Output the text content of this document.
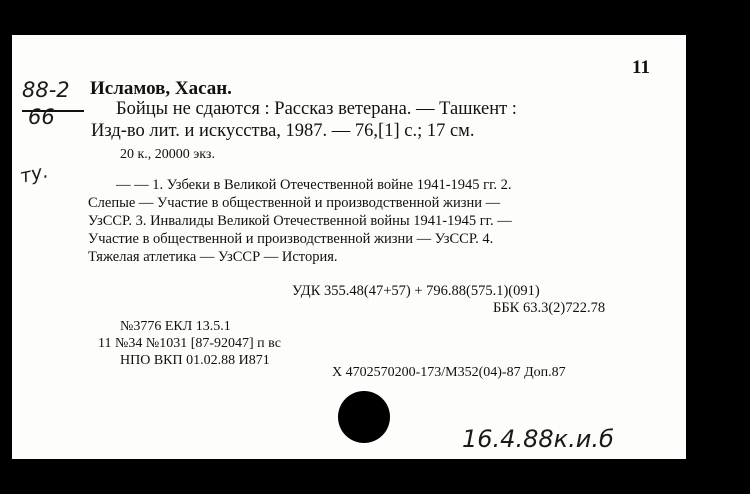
11
88-2
66
ту.
Исламов, Хасан.
Бойцы не сдаются : Рассказ ветерана. — Ташкент :
Изд-во лит. и искусства, 1987. — 76,[1] с.; 17 см.
20 к., 20000 экз.
— — 1. Узбеки в Великой Отечественной войне 1941-1945 гг. 2.
Слепые — Участие в общественной и производственной жизни —
УзССР. 3. Инвалиды Великой Отечественной войны 1941-1945 гг. —
Участие в общественной и производственной жизни — УзССР. 4.
Тяжелая атлетика — УзССР — История.
УДК 355.48(47+57) + 796.88(575.1)(091)
ББК 63.3(2)722.78
№3776 ЕКЛ 13.5.1
11 №34 №1031 [87-92047] п вс
НПО ВКП 01.02.88 И871
Х 4702570200-173/М352(04)-87 Доп.87
16.4.88к.и.б
